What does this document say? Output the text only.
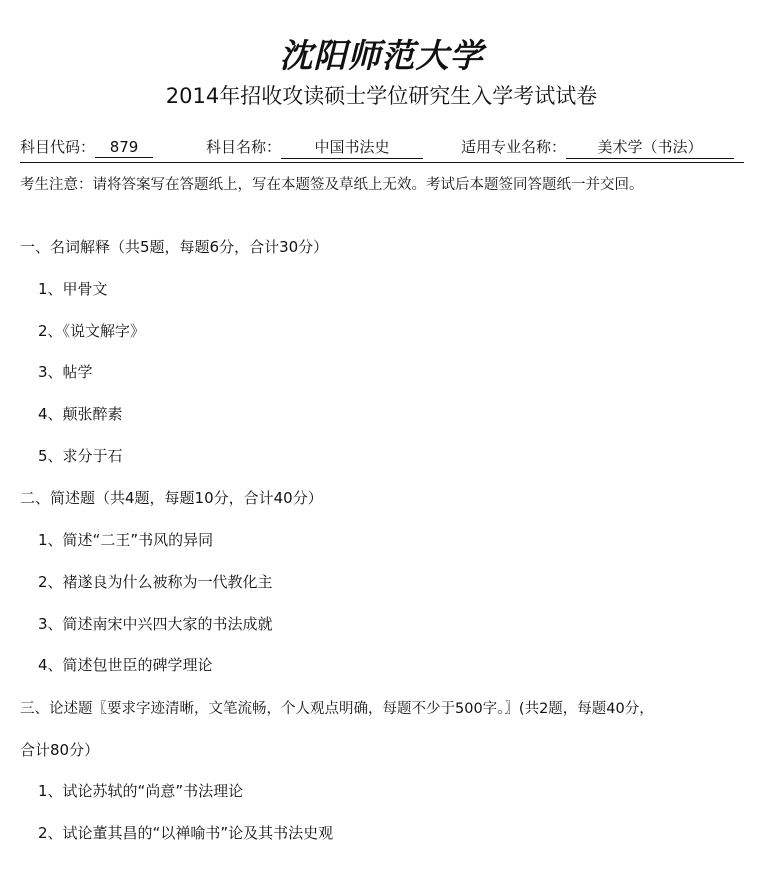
沈阳师范大学
2014年招收攻读硕士学位研究生入学考试试卷
科目代码： 879	科目名称： 中国书法史	适用专业名称： 美术学（书法）
考生注意：请将答案写在答题纸上，写在本题签及草纸上无效。考试后本题签同答题纸一并交回。
一、名词解释（共5题，每题6分，合计30分）
1、甲骨文
2、《说文解字》
3、帖学
4、颠张醉素
5、求分于石
二、简述题（共4题，每题10分，合计40分）
1、简述“二王”书风的异同
2、褚遂良为什么被称为一代教化主
3、简述南宋中兴四大家的书法成就
4、简述包世臣的碑学理论
三、论述题〖要求字迹清晰，文笔流畅，个人观点明确，每题不少于500字。〗(共2题，每题40分，
合计80分）
1、试论苏轼的“尚意”书法理论
2、试论董其昌的“以禅喻书”论及其书法史观
